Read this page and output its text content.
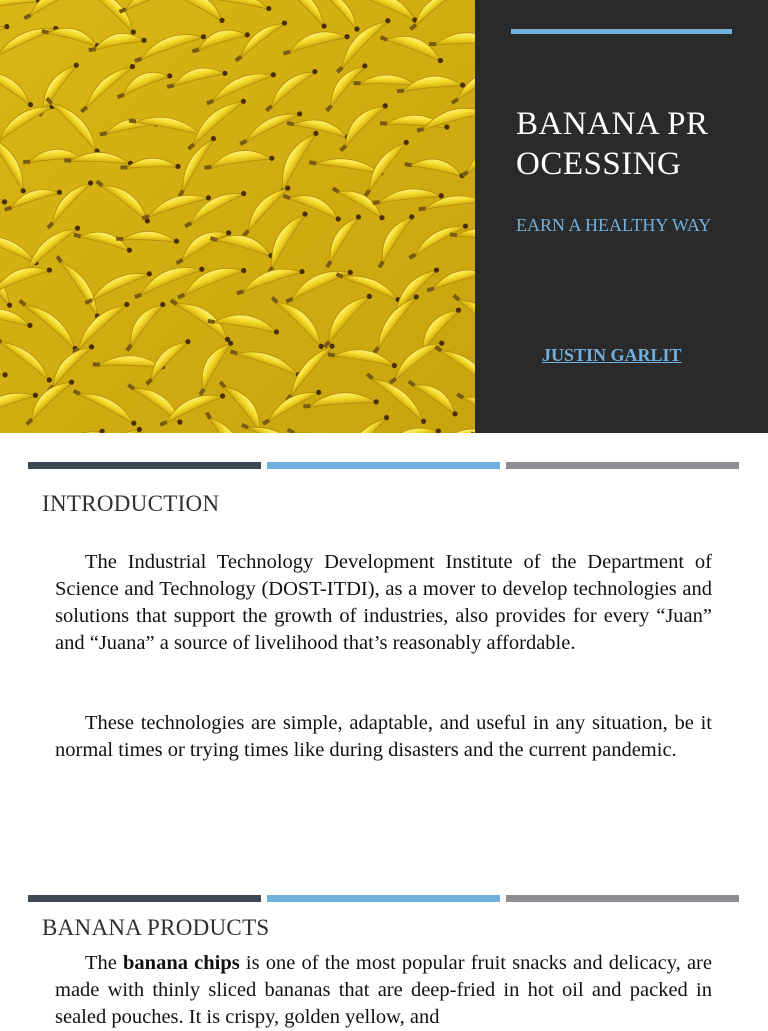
BANANA PROCESSING

EARN A HEALTHY WAY

JUSTIN GARLIT
INTRODUCTION

The Industrial Technology Development Institute of the Department of Science and Technology (DOST-ITDI), as a mover to develop technologies and solutions that support the growth of industries, also provides for every “Juan” and “Juana” a source of livelihood that’s reasonably affordable.

These technologies are simple, adaptable, and useful in any situation, be it normal times or trying times like during disasters and the current pandemic.

BANANA PRODUCTS

The banana chips is one of the most popular fruit snacks and delicacy, are made with thinly sliced bananas that are deep-fried in hot oil and packed in sealed pouches. It is crispy, golden yellow, and
